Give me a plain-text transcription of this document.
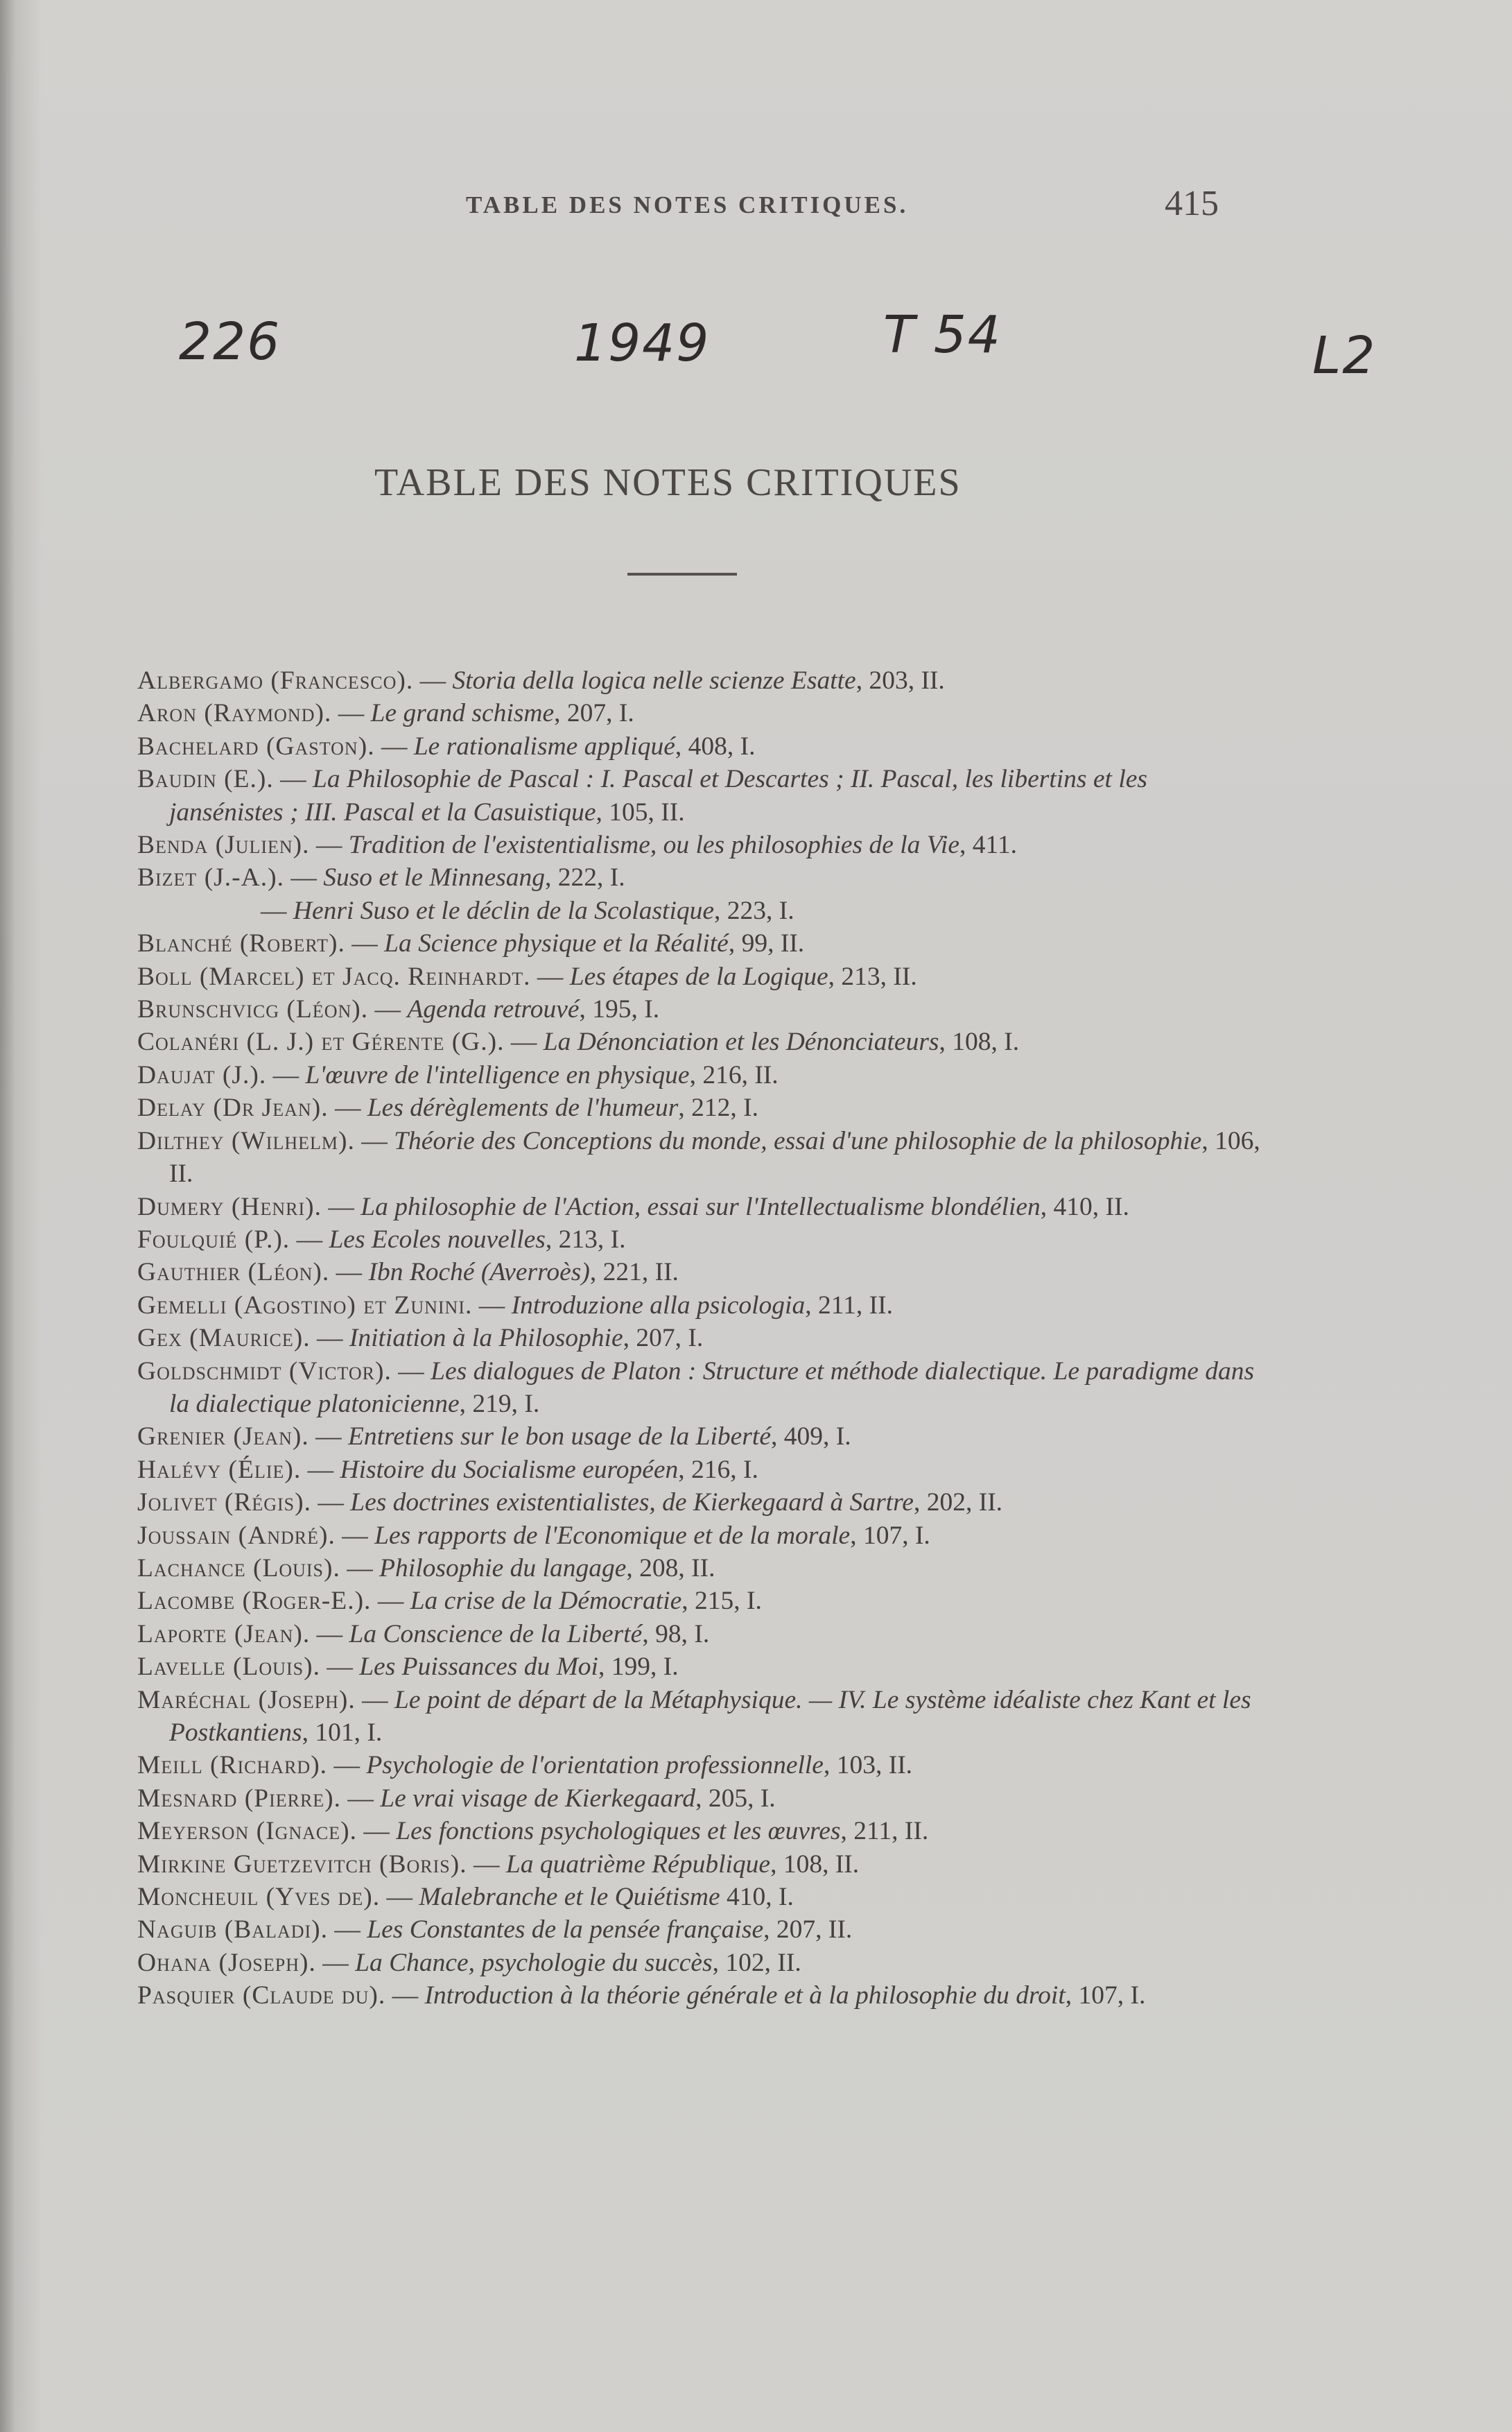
TABLE DES NOTES CRITIQUES.	415
226	1949	T 54	L2
TABLE DES NOTES CRITIQUES

Albergamo (Francesco). — Storia della logica nelle scienze Esatte, 203, II.

Aron (Raymond). — Le grand schisme, 207, I.

Bachelard (Gaston). — Le rationalisme appliqué, 408, I.

Baudin (E.). — La Philosophie de Pascal : I. Pascal et Descartes ; II. Pascal, les libertins et les jansénistes ; III. Pascal et la Casuistique, 105, II.

Benda (Julien). — Tradition de l'existentialisme, ou les philosophies de la Vie, 411.

Bizet (J.-A.). — Suso et le Minnesang, 222, I.

— Henri Suso et le déclin de la Scolastique, 223, I.

Blanché (Robert). — La Science physique et la Réalité, 99, II.

Boll (Marcel) et Jacq. Reinhardt. — Les étapes de la Logique, 213, II.

Brunschvicg (Léon). — Agenda retrouvé, 195, I.

Colanéri (L. J.) et Gérente (G.). — La Dénonciation et les Dénonciateurs, 108, I.

Daujat (J.). — L'œuvre de l'intelligence en physique, 216, II.

Delay (Dr Jean). — Les dérèglements de l'humeur, 212, I.

Dilthey (Wilhelm). — Théorie des Conceptions du monde, essai d'une philosophie de la philosophie, 106, II.

Dumery (Henri). — La philosophie de l'Action, essai sur l'Intellectualisme blondélien, 410, II.

Foulquié (P.). — Les Ecoles nouvelles, 213, I.

Gauthier (Léon). — Ibn Roché (Averroès), 221, II.

Gemelli (Agostino) et Zunini. — Introduzione alla psicologia, 211, II.

Gex (Maurice). — Initiation à la Philosophie, 207, I.

Goldschmidt (Victor). — Les dialogues de Platon : Structure et méthode dialectique. Le paradigme dans la dialectique platonicienne, 219, I.

Grenier (Jean). — Entretiens sur le bon usage de la Liberté, 409, I.

Halévy (Élie). — Histoire du Socialisme européen, 216, I.

Jolivet (Régis). — Les doctrines existentialistes, de Kierkegaard à Sartre, 202, II.

Joussain (André). — Les rapports de l'Economique et de la morale, 107, I.

Lachance (Louis). — Philosophie du langage, 208, II.

Lacombe (Roger-E.). — La crise de la Démocratie, 215, I.

Laporte (Jean). — La Conscience de la Liberté, 98, I.

Lavelle (Louis). — Les Puissances du Moi, 199, I.

Maréchal (Joseph). — Le point de départ de la Métaphysique. — IV. Le système idéaliste chez Kant et les Postkantiens, 101, I.

Meill (Richard). — Psychologie de l'orientation professionnelle, 103, II.

Mesnard (Pierre). — Le vrai visage de Kierkegaard, 205, I.

Meyerson (Ignace). — Les fonctions psychologiques et les œuvres, 211, II.

Mirkine Guetzevitch (Boris). — La quatrième République, 108, II.

Moncheuil (Yves de). — Malebranche et le Quiétisme 410, I.

Naguib (Baladi). — Les Constantes de la pensée française, 207, II.

Ohana (Joseph). — La Chance, psychologie du succès, 102, II.

Pasquier (Claude du). — Introduction à la théorie générale et à la philosophie du droit, 107, I.
